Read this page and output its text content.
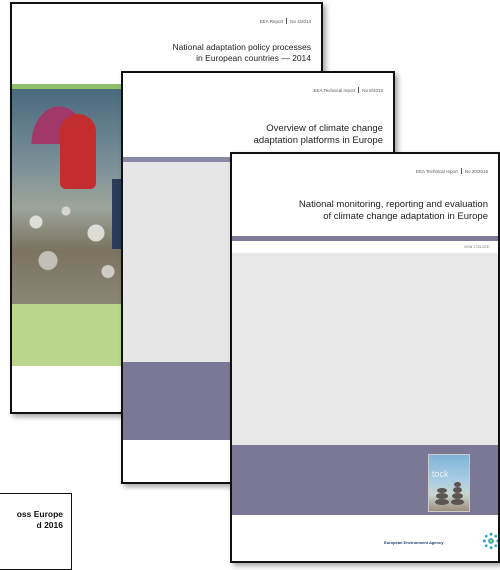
EEA Report No 4/2014
National adaptation policy processes
in European countries — 2014
EEA Technical report No 5/2015
Overview of climate change
adaptation platforms in Europe
EEA Technical report No 20/2015
National monitoring, reporting and evaluation
of climate change adaptation in Europe
ISSN 1725-2237
tock
European Environment Agency
oss Europe
d 2016
